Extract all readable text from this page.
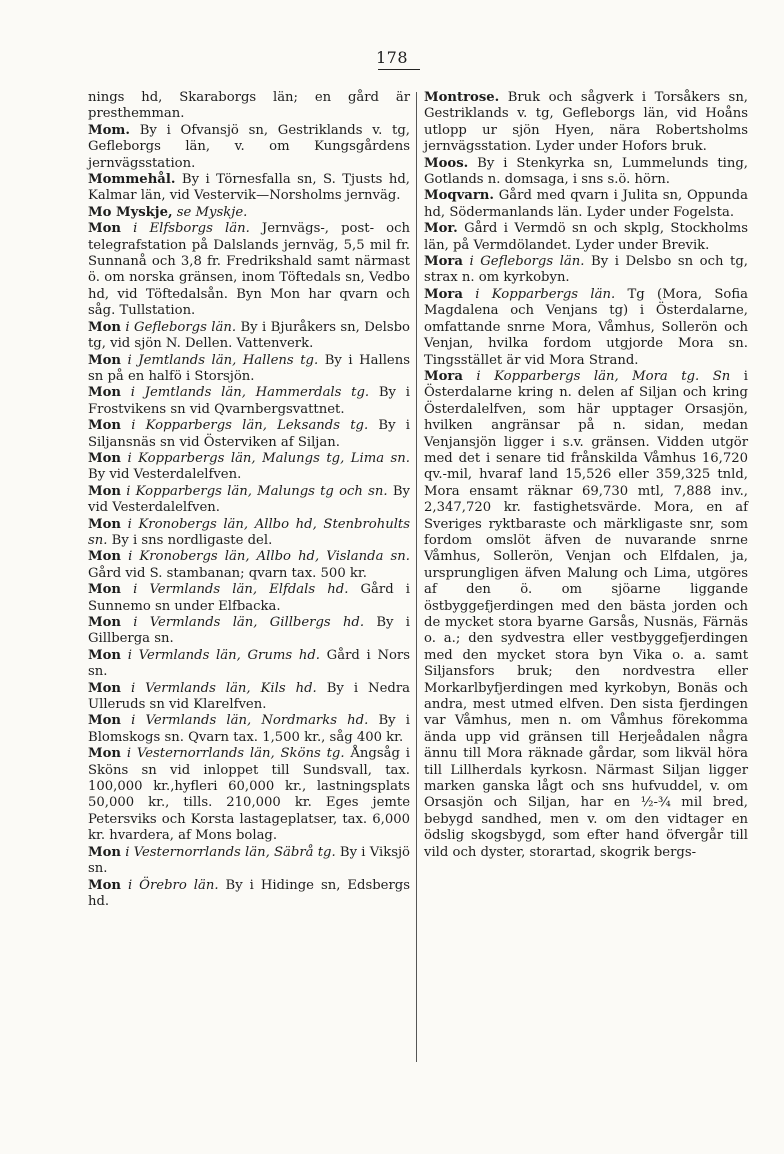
178

nings hd, Skaraborgs län; en gård är presthemman.

Mom. By i Ofvansjö sn, Gestriklands v. tg, Gefleborgs län, v. om Kungsgårdens jernvägsstation.

Mommehål. By i Törnesfalla sn, S. Tjusts hd, Kalmar län, vid Vestervik—Norsholms jernväg.

Mo Myskje, se Myskje.

Mon i Elfsborgs län. Jernvägs-, post- och telegrafstation på Dalslands jernväg, 5,5 mil fr. Sunnanå och 3,8 fr. Fredrikshald samt närmast ö. om norska gränsen, inom Töftedals sn, Vedbo hd, vid Töftedalsån. Byn Mon har qvarn och såg. Tullstation.

Mon i Gefleborgs län. By i Bjuråkers sn, Delsbo tg, vid sjön N. Dellen. Vattenverk.

Mon i Jemtlands län, Hallens tg. By i Hallens sn på en halfö i Storsjön.

Mon i Jemtlands län, Hammerdals tg. By i Frostvikens sn vid Qvarnbergsvattnet.

Mon i Kopparbergs län, Leksands tg. By i Siljansnäs sn vid Österviken af Siljan.

Mon i Kopparbergs län, Malungs tg, Lima sn. By vid Vesterdalelfven.

Mon i Kopparbergs län, Malungs tg och sn. By vid Vesterdalelfven.

Mon i Kronobergs län, Allbo hd, Stenbrohults sn. By i sns nordligaste del.

Mon i Kronobergs län, Allbo hd, Vislanda sn. Gård vid S. stambanan; qvarn tax. 500 kr.

Mon i Vermlands län, Elfdals hd. Gård i Sunnemo sn under Elfbacka.

Mon i Vermlands län, Gillbergs hd. By i Gillberga sn.

Mon i Vermlands län, Grums hd. Gård i Nors sn.

Mon i Vermlands län, Kils hd. By i Nedra Ulleruds sn vid Klarelfven.

Mon i Vermlands län, Nordmarks hd. By i Blomskogs sn. Qvarn tax. 1,500 kr., såg 400 kr.

Mon i Vesternorrlands län, Sköns tg. Ångsåg i Sköns sn vid inloppet till Sundsvall, tax. 100,000 kr.,hyfleri 60,000 kr., lastningsplats 50,000 kr., tills. 210,000 kr. Eges jemte Petersviks och Korsta lastageplatser, tax. 6,000 kr. hvardera, af Mons bolag.

Mon i Vesternorrlands län, Säbrå tg. By i Viksjö sn.

Mon i Örebro län. By i Hidinge sn, Edsbergs hd.

Montrose. Bruk och sågverk i Torsåkers sn, Gestriklands v. tg, Gefleborgs län, vid Hoåns utlopp ur sjön Hyen, nära Robertsholms jernvägsstation. Lyder under Hofors bruk.

Moos. By i Stenkyrka sn, Lummelunds ting, Gotlands n. domsaga, i sns s.ö. hörn.

Moqvarn. Gård med qvarn i Julita sn, Oppunda hd, Södermanlands län. Lyder under Fogelsta.

Mor. Gård i Vermdö sn och skplg, Stockholms län, på Vermdölandet. Lyder under Brevik.

Mora i Gefleborgs län. By i Delsbo sn och tg, strax n. om kyrkobyn.

Mora i Kopparbergs län. Tg (Mora, Sofia Magdalena och Venjans tg) i Österdalarne, omfattande snrne Mora, Våmhus, Sollerön och Venjan, hvilka fordom utgjorde Mora sn. Tingsstället är vid Mora Strand.

Mora i Kopparbergs län, Mora tg. Sn i Österdalarne kring n. delen af Siljan och kring Österdalelfven, som här upptager Orsasjön, hvilken angränsar på n. sidan, medan Venjansjön ligger i s.v. gränsen. Vidden utgör med det i senare tid frånskilda Våmhus 16,720 qv.-mil, hvaraf land 15,526 eller 359,325 tnld, Mora ensamt räknar 69,730 mtl, 7,888 inv., 2,347,720 kr. fastighetsvärde. Mora, en af Sveriges ryktbaraste och märkligaste snr, som fordom omslöt äfven de nuvarande snrne Våmhus, Sollerön, Venjan och Elfdalen, ja, ursprungligen äfven Malung och Lima, utgöres af den ö. om sjöarne liggande östbyggefjerdingen med den bästa jorden och de mycket stora byarne Garsås, Nusnäs, Färnäs o. a.; den sydvestra eller vestbyggefjerdingen med den mycket stora byn Vika o. a. samt Siljansfors bruk; den nordvestra eller Morkarlbyfjerdingen med kyrkobyn, Bonäs och andra, mest utmed elfven. Den sista fjerdingen var Våmhus, men n. om Våmhus förekomma ända upp vid gränsen till Herjeådalen några ännu till Mora räknade gårdar, som likväl höra till Lillherdals kyrkosn. Närmast Siljan ligger marken ganska lågt och sns hufvuddel, v. om Orsasjön och Siljan, har en ½-¾ mil bred, bebygd sandhed, men v. om den vidtager en ödslig skogsbygd, som efter hand öfvergår till vild och dyster, storartad, skogrik bergs-
